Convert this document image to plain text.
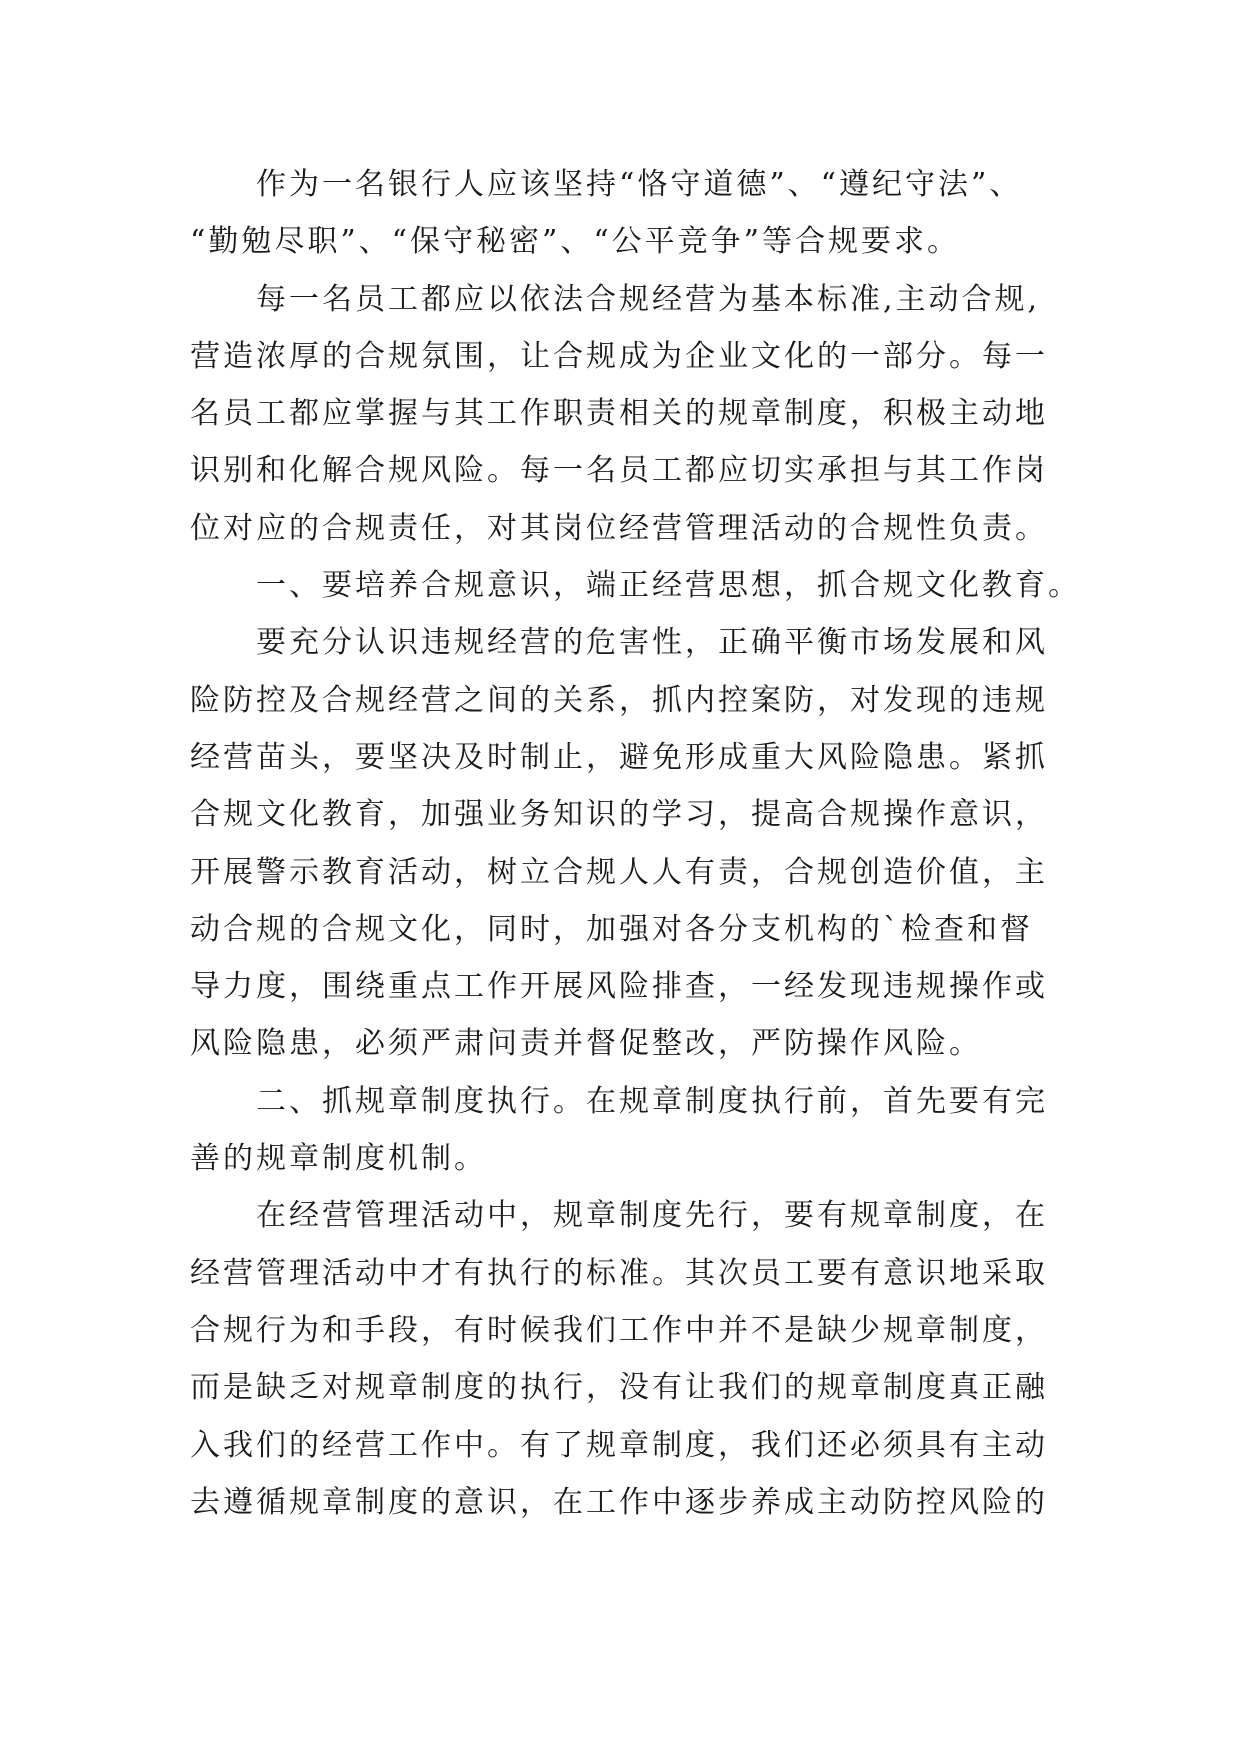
作为一名银行人应该坚持“恪守道德”、“遵纪守法”、
“勤勉尽职”、“保守秘密”、“公平竞争”等合规要求。
每一名员工都应以依法合规经营为基本标准,主动合规,
营造浓厚的合规氛围，让合规成为企业文化的一部分。每一
名员工都应掌握与其工作职责相关的规章制度，积极主动地
识别和化解合规风险。每一名员工都应切实承担与其工作岗
位对应的合规责任，对其岗位经营管理活动的合规性负责。
一、要培养合规意识，端正经营思想，抓合规文化教育。
要充分认识违规经营的危害性，正确平衡市场发展和风
险防控及合规经营之间的关系，抓内控案防，对发现的违规
经营苗头，要坚决及时制止，避免形成重大风险隐患。紧抓
合规文化教育，加强业务知识的学习，提高合规操作意识，
开展警示教育活动，树立合规人人有责，合规创造价值，主
动合规的合规文化，同时，加强对各分支机构的`检查和督
导力度，围绕重点工作开展风险排查，一经发现违规操作或
风险隐患，必须严肃问责并督促整改，严防操作风险。
二、抓规章制度执行。在规章制度执行前，首先要有完
善的规章制度机制。
在经营管理活动中，规章制度先行，要有规章制度，在
经营管理活动中才有执行的标准。其次员工要有意识地采取
合规行为和手段，有时候我们工作中并不是缺少规章制度，
而是缺乏对规章制度的执行，没有让我们的规章制度真正融
入我们的经营工作中。有了规章制度，我们还必须具有主动
去遵循规章制度的意识，在工作中逐步养成主动防控风险的
